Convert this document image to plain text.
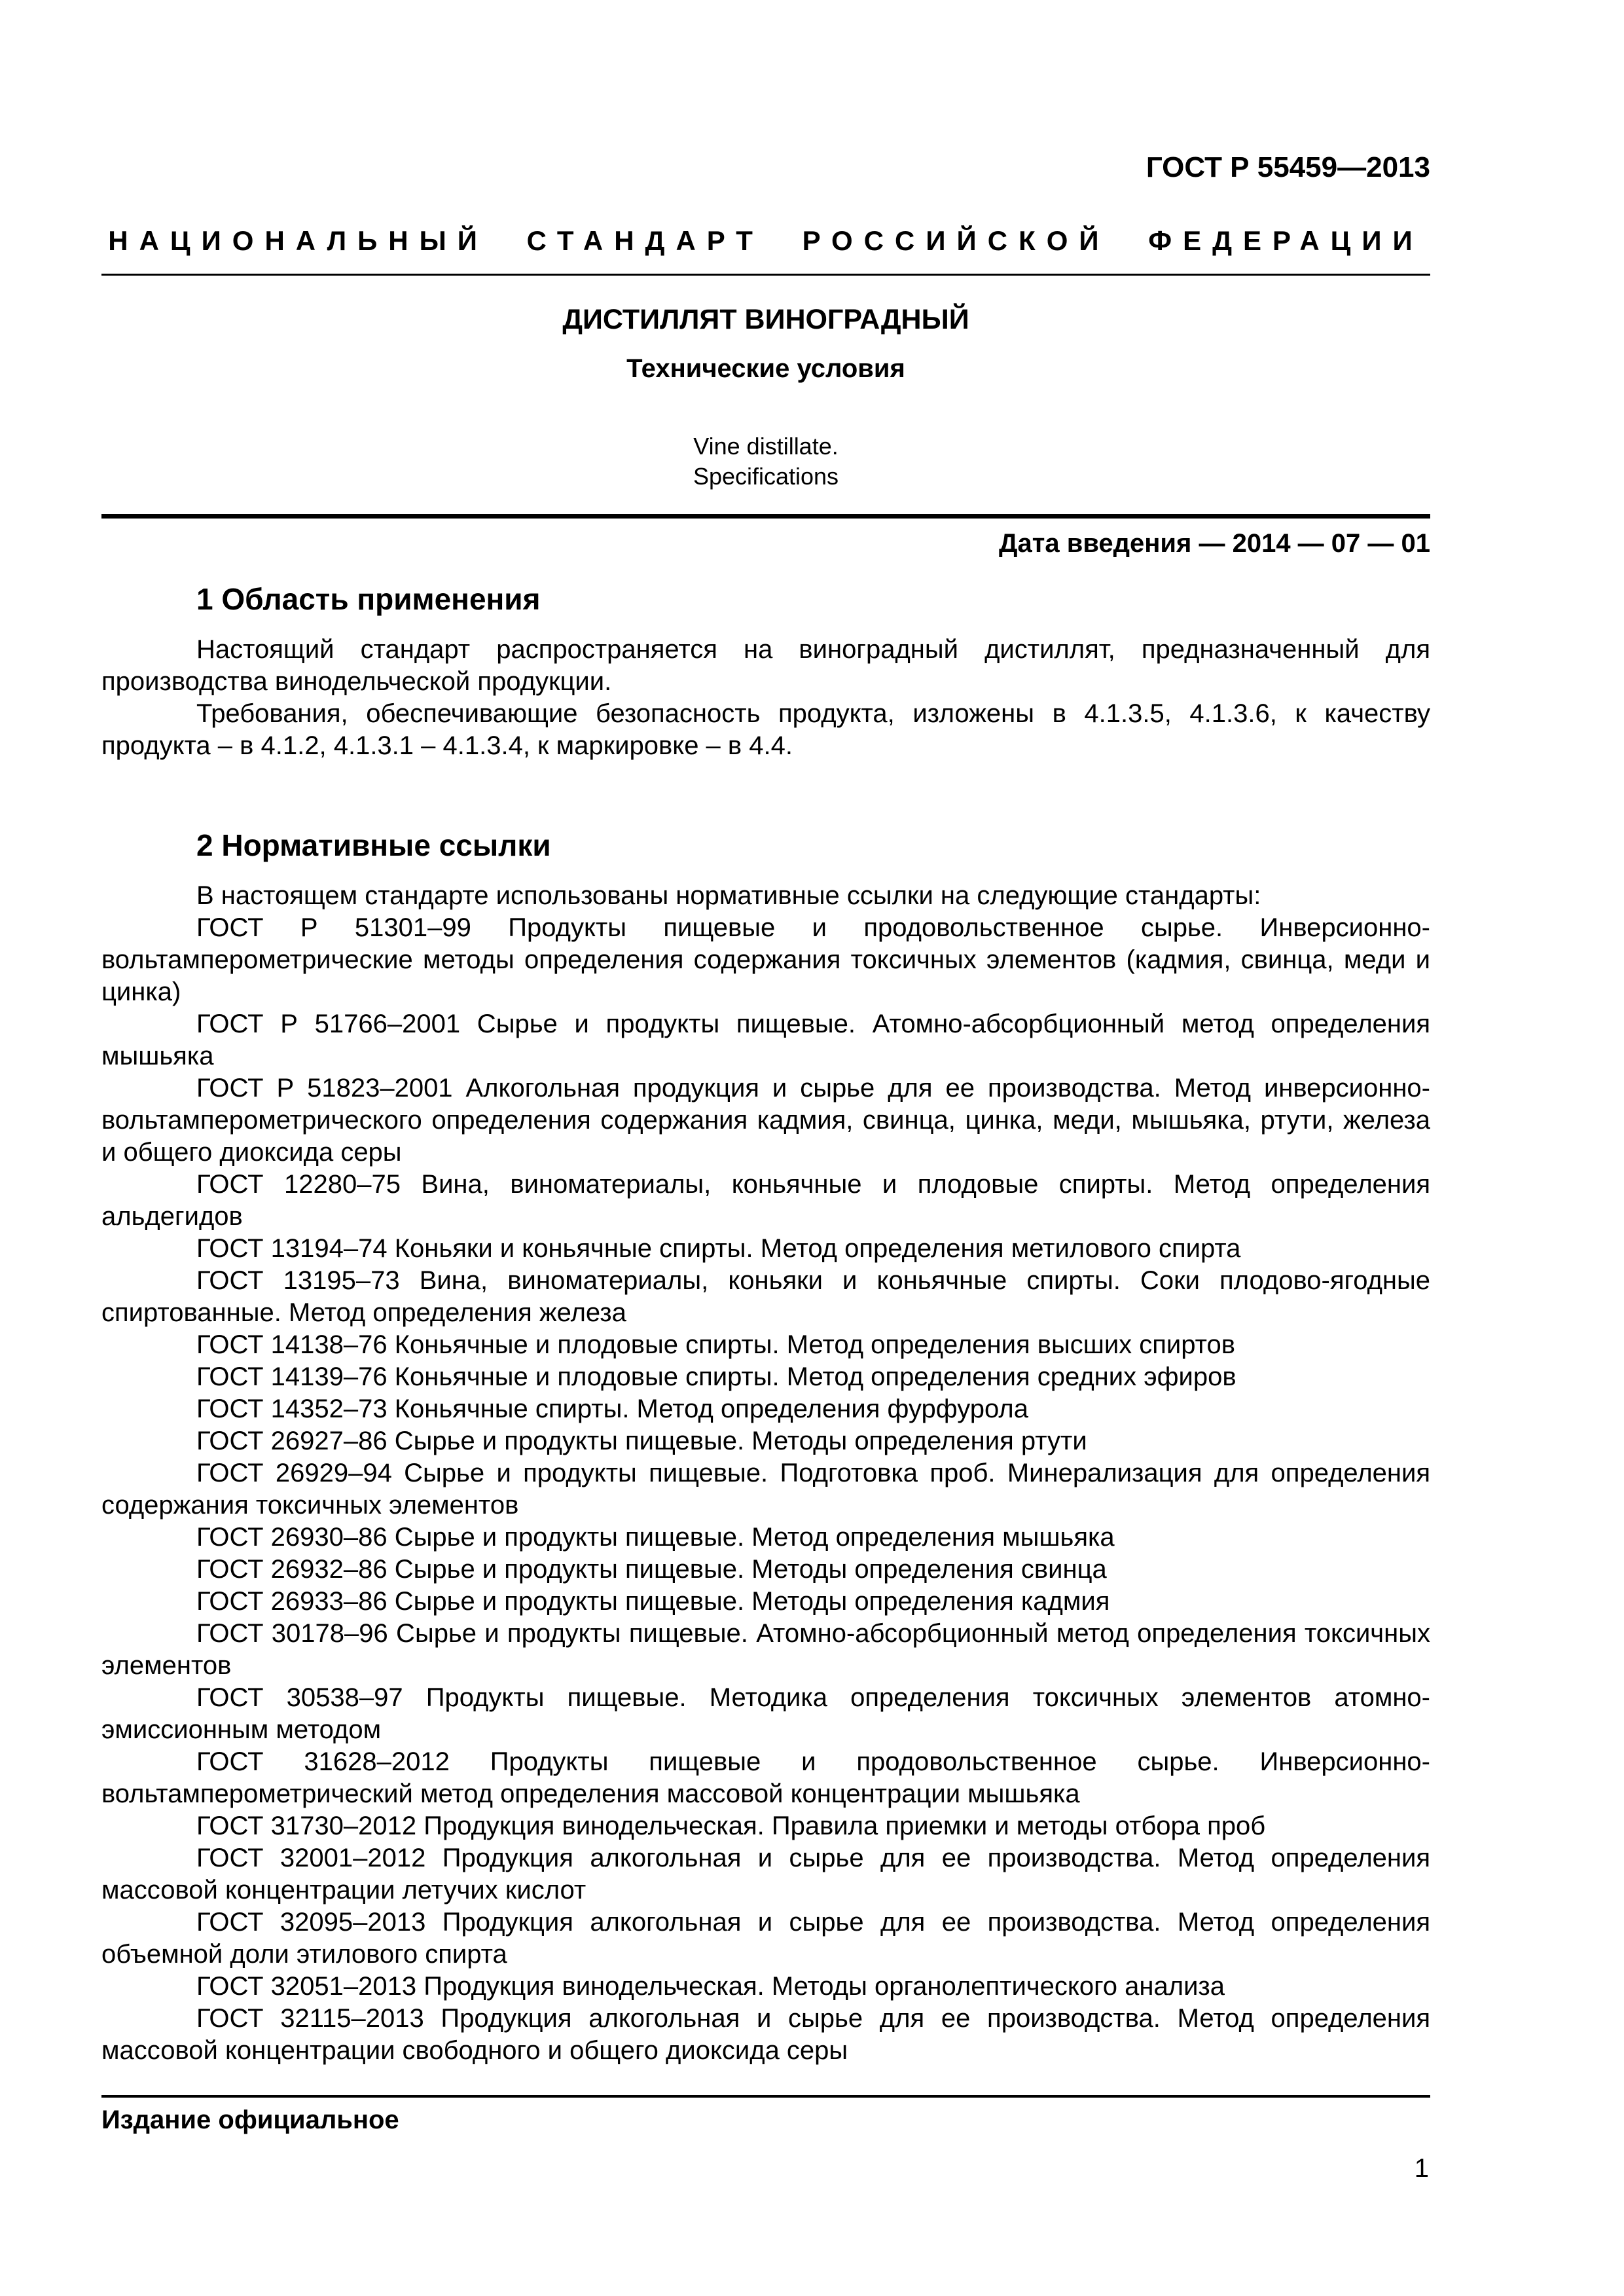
ГОСТ Р 55459—2013
НАЦИОНАЛЬНЫЙ СТАНДАРТ РОССИЙСКОЙ ФЕДЕРАЦИИ
ДИСТИЛЛЯТ ВИНОГРАДНЫЙ
Технические условия
Vine distillate.
Specifications
Дата введения — 2014 — 07 — 01
1 Область применения

Настоящий стандарт распространяется на виноградный дистиллят, предназначенный для производства винодельческой продукции.

Требования, обеспечивающие безопасность продукта, изложены в 4.1.3.5, 4.1.3.6, к качеству продукта – в 4.1.2, 4.1.3.1 – 4.1.3.4, к маркировке – в 4.4.

2 Нормативные ссылки

В настоящем стандарте использованы нормативные ссылки на следующие стандарты:

ГОСТ Р 51301–99 Продукты пищевые и продовольственное сырье. Инверсионно-вольтамперометрические методы определения содержания токсичных элементов (кадмия, свинца, меди и цинка)

ГОСТ Р 51766–2001 Сырье и продукты пищевые. Атомно-абсорбционный метод определения мышьяка

ГОСТ Р 51823–2001 Алкогольная продукция и сырье для ее производства. Метод инверсионно-вольтамперометрического определения содержания кадмия, свинца, цинка, меди, мышьяка, ртути, железа и общего диоксида серы

ГОСТ 12280–75 Вина, виноматериалы, коньячные и плодовые спирты. Метод определения альдегидов

ГОСТ 13194–74 Коньяки и коньячные спирты. Метод определения метилового спирта

ГОСТ 13195–73 Вина, виноматериалы, коньяки и коньячные спирты. Соки плодово-ягодные спиртованные. Метод определения железа

ГОСТ 14138–76 Коньячные и плодовые спирты. Метод определения высших спиртов

ГОСТ 14139–76 Коньячные и плодовые спирты. Метод определения средних эфиров

ГОСТ 14352–73 Коньячные спирты. Метод определения фурфурола

ГОСТ 26927–86 Сырье и продукты пищевые. Методы определения ртути

ГОСТ 26929–94 Сырье и продукты пищевые. Подготовка проб. Минерализация для определения содержания токсичных элементов

ГОСТ 26930–86 Сырье и продукты пищевые. Метод определения мышьяка

ГОСТ 26932–86 Сырье и продукты пищевые. Методы определения свинца

ГОСТ 26933–86 Сырье и продукты пищевые. Методы определения кадмия

ГОСТ 30178–96 Сырье и продукты пищевые. Атомно-абсорбционный метод определения токсичных элементов

ГОСТ 30538–97 Продукты пищевые. Методика определения токсичных элементов атомно-эмиссионным методом

ГОСТ 31628–2012 Продукты пищевые и продовольственное сырье. Инверсионно-вольтамперометрический метод определения массовой концентрации мышьяка

ГОСТ 31730–2012 Продукция винодельческая. Правила приемки и методы отбора проб

ГОСТ 32001–2012 Продукция алкогольная и сырье для ее производства. Метод определения массовой концентрации летучих кислот

ГОСТ 32095–2013 Продукция алкогольная и сырье для ее производства. Метод определения объемной доли этилового спирта

ГОСТ 32051–2013 Продукция винодельческая. Методы органолептического анализа

ГОСТ 32115–2013 Продукция алкогольная и сырье для ее производства. Метод определения массовой концентрации свободного и общего диоксида серы

Издание официальное
1
